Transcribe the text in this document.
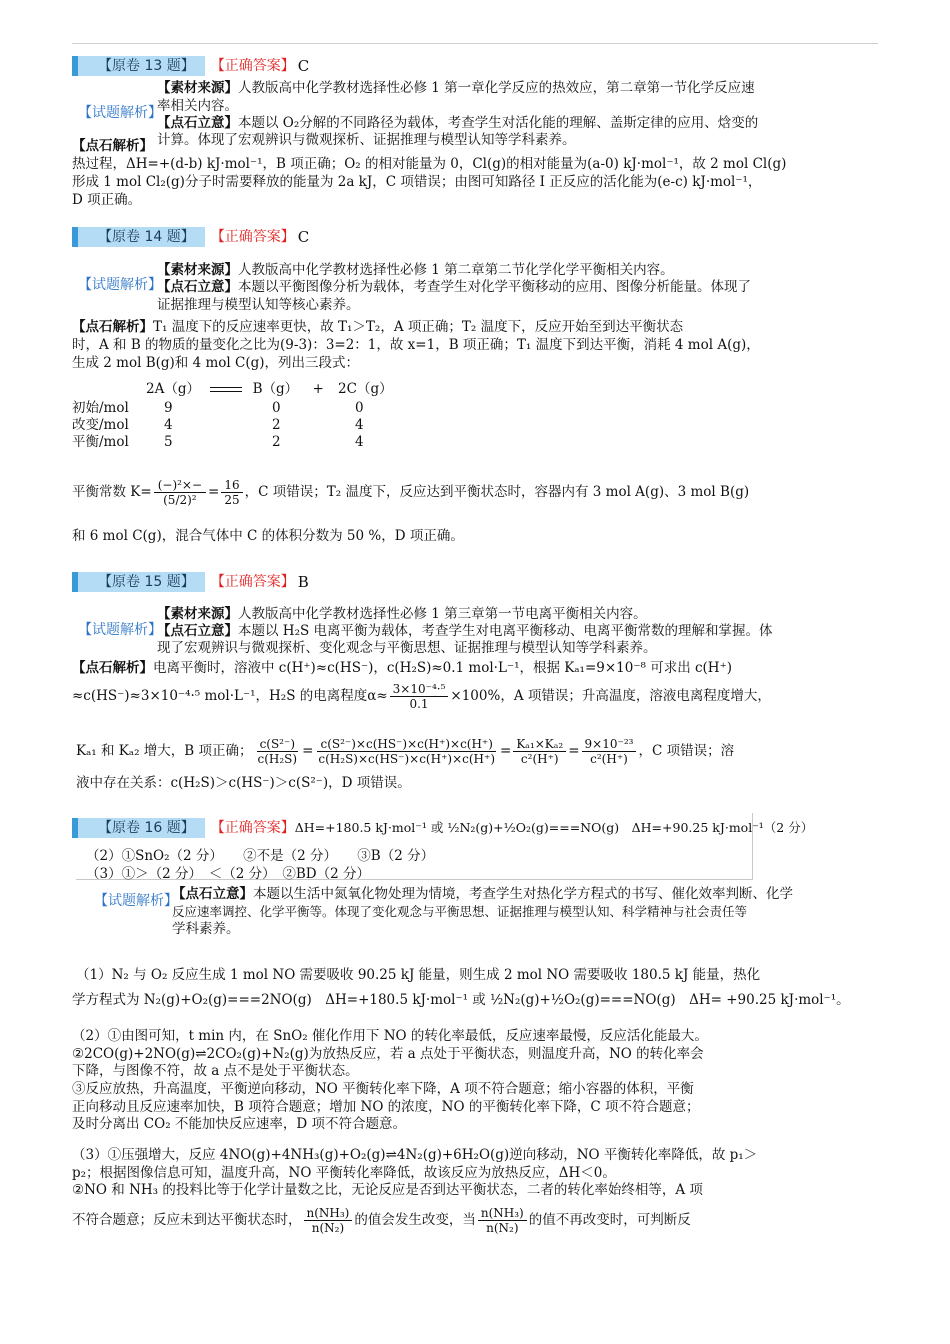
【原卷 13 题】	【正确答案】 C
【素材来源】人教版高中化学教材选择性必修 1 第一章化学反应的热效应，第二章第一节化学反应速
率相关内容。
【试题解析】
【点石立意】本题以 O₂分解的不同路径为载体，考查学生对活化能的理解、盖斯定律的应用、焓变的
计算。体现了宏观辨识与微观探析、证据推理与模型认知等学科素养。
【点石解析】
热过程，ΔH=+(d-b) kJ·mol⁻¹，B 项正确；O₂ 的相对能量为 0，Cl(g)的相对能量为(a-0) kJ·mol⁻¹，故 2 mol Cl(g)
形成 1 mol Cl₂(g)分子时需要释放的能量为 2a kJ，C 项错误；由图可知路径 I 正反应的活化能为(e-c) kJ·mol⁻¹，
D 项正确。
【原卷 14 题】	【正确答案】 C
【素材来源】人教版高中化学教材选择性必修 1 第二章第二节化学化学平衡相关内容。
【试题解析】
【点石立意】本题以平衡图像分析为载体，考查学生对化学平衡移动的应用、图像分析能量。体现了
证据推理与模型认知等核心素养。
【点石解析】T₁ 温度下的反应速率更快，故 T₁＞T₂，A 项正确；T₂ 温度下，反应开始至到达平衡状态
时，A 和 B 的物质的量变化之比为(9-3)：3=2：1，故 x=1，B 项正确；T₁ 温度下到达平衡，消耗 4 mol A(g)，
生成 2 mol B(g)和 4 mol C(g)，列出三段式：
2A（g）	B（g） + 2C（g）
初始/mol	9	0	0
改变/mol	4	2	4
平衡/mol	5	2	4
平衡常数 $K= \frac{\text{(−)²×−}}{\text{(5/2)²}} = \frac{16}{25}$ ，C 项错误；T₂ 温度下，反应达到平衡状态时，容器内有 3 mol A(g)、3 mol B(g)
和 6 mol C(g)，混合气体中 C 的体积分数为 50 %，D 项正确。
【原卷 15 题】	【正确答案】 B
【素材来源】人教版高中化学教材选择性必修 1 第三章第一节电离平衡相关内容。
【试题解析】
【点石立意】本题以 H₂S 电离平衡为载体，考查学生对电离平衡移动、电离平衡常数的理解和掌握。体
现了宏观辨识与微观探析、变化观念与平衡思想、证据推理与模型认知等学科素养。
【点石解析】电离平衡时，溶液中 c(H⁺)≈c(HS⁻)，c(H₂S)≈0.1 mol·L⁻¹，根据 Kₐ₁=9×10⁻⁸ 可求出 c(H⁺)
≈c(HS⁻)≈3×10⁻⁴·⁵ mol·L⁻¹，H₂S 的电离程度$\alpha\approx \frac{\text{3×10⁻⁴·⁵}}{0.1} \times 100\%$，A 项错误；升高温度，溶液电离程度增大，
Kₐ₁ 和 Kₐ₂ 增大，B 项正确； $\frac{\text{c(S²⁻)}}{\text{c(H₂S)}} = \frac{\text{c(S²⁻)×c(HS⁻)×c(H⁺)×c(H⁺)}}{\text{c(H₂S)×c(HS⁻)×c(H⁺)×c(H⁺)}} = \frac{\text{Kₐ₁×Kₐ₂}}{\text{c²(H⁺)}} = \frac{\text{9×10⁻²³}}{\text{c²(H⁺)}}$ ，C 项错误；溶
液中存在关系：c(H₂S)＞c(HS⁻)＞c(S²⁻)，D 项错误。
【原卷 16 题】	【正确答案】 ΔH=+180.5 kJ·mol⁻¹ 或 ½N₂(g)+½O₂(g)===NO(g)　ΔH=+90.25 kJ·mol⁻¹（2 分）
（2）①SnO₂（2 分）　　②不是（2 分）　　③B（2 分）
（3）①＞（2 分）　＜（2 分）　②BD（2 分）
【试题解析】
【点石立意】本题以生活中氮氧化物处理为情境，考查学生对热化学方程式的书写、催化效率判断、化学
反应速率调控、化学平衡等。体现了变化观念与平衡思想、证据推理与模型认知、科学精神与社会责任等
学科素养。
（1）N₂ 与 O₂ 反应生成 1 mol NO 需要吸收 90.25 kJ 能量，则生成 2 mol NO 需要吸收 180.5 kJ 能量，热化
学方程式为 N₂(g)+O₂(g)===2NO(g)　ΔH=+180.5 kJ·mol⁻¹ 或 ½N₂(g)+½O₂(g)===NO(g)　ΔH= +90.25 kJ·mol⁻¹。
（2）①由图可知，t min 内，在 SnO₂ 催化作用下 NO 的转化率最低，反应速率最慢，反应活化能最大。
②2CO(g)+2NO(g)⇌2CO₂(g)+N₂(g)为放热反应，若 a 点处于平衡状态，则温度升高，NO 的转化率会
下降，与图像不符，故 a 点不是处于平衡状态。
③反应放热，升高温度，平衡逆向移动，NO 平衡转化率下降，A 项不符合题意；缩小容器的体积，平衡
正向移动且反应速率加快，B 项符合题意；增加 NO 的浓度，NO 的平衡转化率下降，C 项不符合题意；
及时分离出 CO₂ 不能加快反应速率，D 项不符合题意。
（3）①压强增大，反应 4NO(g)+4NH₃(g)+O₂(g)⇌4N₂(g)+6H₂O(g)逆向移动，NO 平衡转化率降低，故 p₁＞
p₂；根据图像信息可知，温度升高，NO 平衡转化率降低，故该反应为放热反应，ΔH＜0。
②NO 和 NH₃ 的投料比等于化学计量数之比，无论反应是否到达平衡状态，二者的转化率始终相等，A 项
不符合题意；反应未到达平衡状态时， $\frac{\text{n(NH₃)}}{\text{n(N₂)}}$ 的值会发生改变，当 $\frac{\text{n(NH₃)}}{\text{n(N₂)}}$ 的值不再改变时，可判断反
